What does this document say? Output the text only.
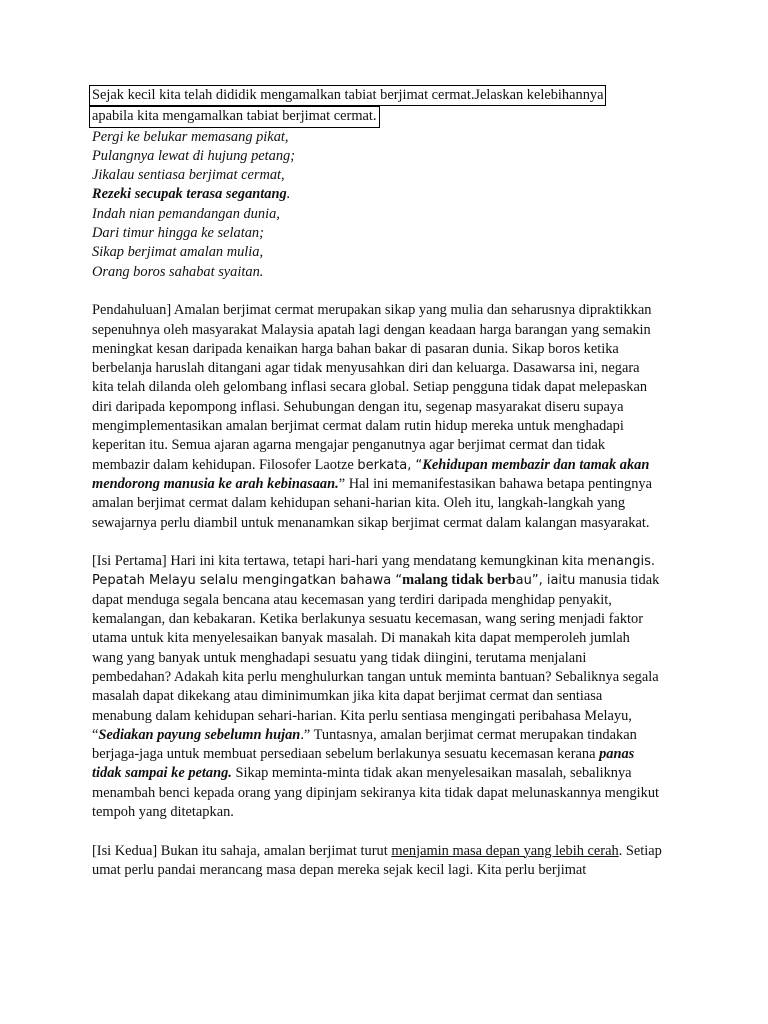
Sejak kecil kita telah dididik mengamalkan tabiat berjimat cermat.Jelaskan kelebihannya
apabila kita mengamalkan tabiat berjimat cermat.
Pergi ke belukar memasang pikat,
Pulangnya lewat di hujung petang;
Jikalau sentiasa berjimat cermat,
Rezeki secupak terasa segantang.
Indah nian pemandangan dunia,
Dari timur hingga ke selatan;
Sikap berjimat amalan mulia,
Orang boros sahabat syaitan.

Pendahuluan] Amalan berjimat cermat merupakan sikap yang mulia dan seharusnya dipraktikkan sepenuhnya oleh masyarakat Malaysia apatah lagi dengan keadaan harga barangan yang semakin meningkat kesan daripada kenaikan harga bahan bakar di pasaran dunia. Sikap boros ketika berbelanja haruslah ditangani agar tidak menyusahkan diri dan keluarga. Dasawarsa ini, negara kita telah dilanda oleh gelombang inflasi secara global. Setiap pengguna tidak dapat melepaskan diri daripada kepompong inflasi. Sehubungan dengan itu, segenap masyarakat diseru supaya mengimplementasikan amalan berjimat cermat dalam rutin hidup mereka untuk menghadapi keperitan itu. Semua ajaran agarna mengajar penganutnya agar berjimat cermat dan tidak membazir dalam kehidupan. Filosofer Laotze berkata, “Kehidupan membazir dan tamak akan mendorong manusia ke arah kebinasaan.” Hal ini memanifestasikan bahawa betapa pentingnya amalan berjimat cermat dalam kehidupan sehani-harian kita. Oleh itu, langkah-langkah yang sewajarnya perlu diambil untuk menanamkan sikap berjimat cermat dalam kalangan masyarakat.

[Isi Pertama] Hari ini kita tertawa, tetapi hari-hari yang mendatang kemungkinan kita menangis. Pepatah Melayu selalu mengingatkan bahawa “malang tidak berbau”, iaitu manusia tidak dapat menduga segala bencana atau kecemasan yang terdiri daripada menghidap penyakit, kemalangan, dan kebakaran. Ketika berlakunya sesuatu kecemasan, wang sering menjadi faktor utama untuk kita menyelesaikan banyak masalah. Di manakah kita dapat memperoleh jumlah wang yang banyak untuk menghadapi sesuatu yang tidak diingini, terutama menjalani pembedahan? Adakah kita perlu menghulurkan tangan untuk meminta bantuan? Sebaliknya segala masalah dapat dikekang atau diminimumkan jika kita dapat berjimat cermat dan sentiasa menabung dalam kehidupan sehari-harian. Kita perlu sentiasa mengingati peribahasa Melayu, “Sediakan payung sebelumn hujan.” Tuntasnya, amalan berjimat cermat merupakan tindakan berjaga-jaga untuk membuat persediaan sebelum berlakunya sesuatu kecemasan kerana panas tidak sampai ke petang. Sikap meminta-minta tidak akan menyelesaikan masalah, sebaliknya menambah benci kepada orang yang dipinjam sekiranya kita tidak dapat melunaskannya mengikut tempoh yang ditetapkan.

[Isi Kedua] Bukan itu sahaja, amalan berjimat turut menjamin masa depan yang lebih cerah. Setiap umat perlu pandai merancang masa depan mereka sejak kecil lagi. Kita perlu berjimat
